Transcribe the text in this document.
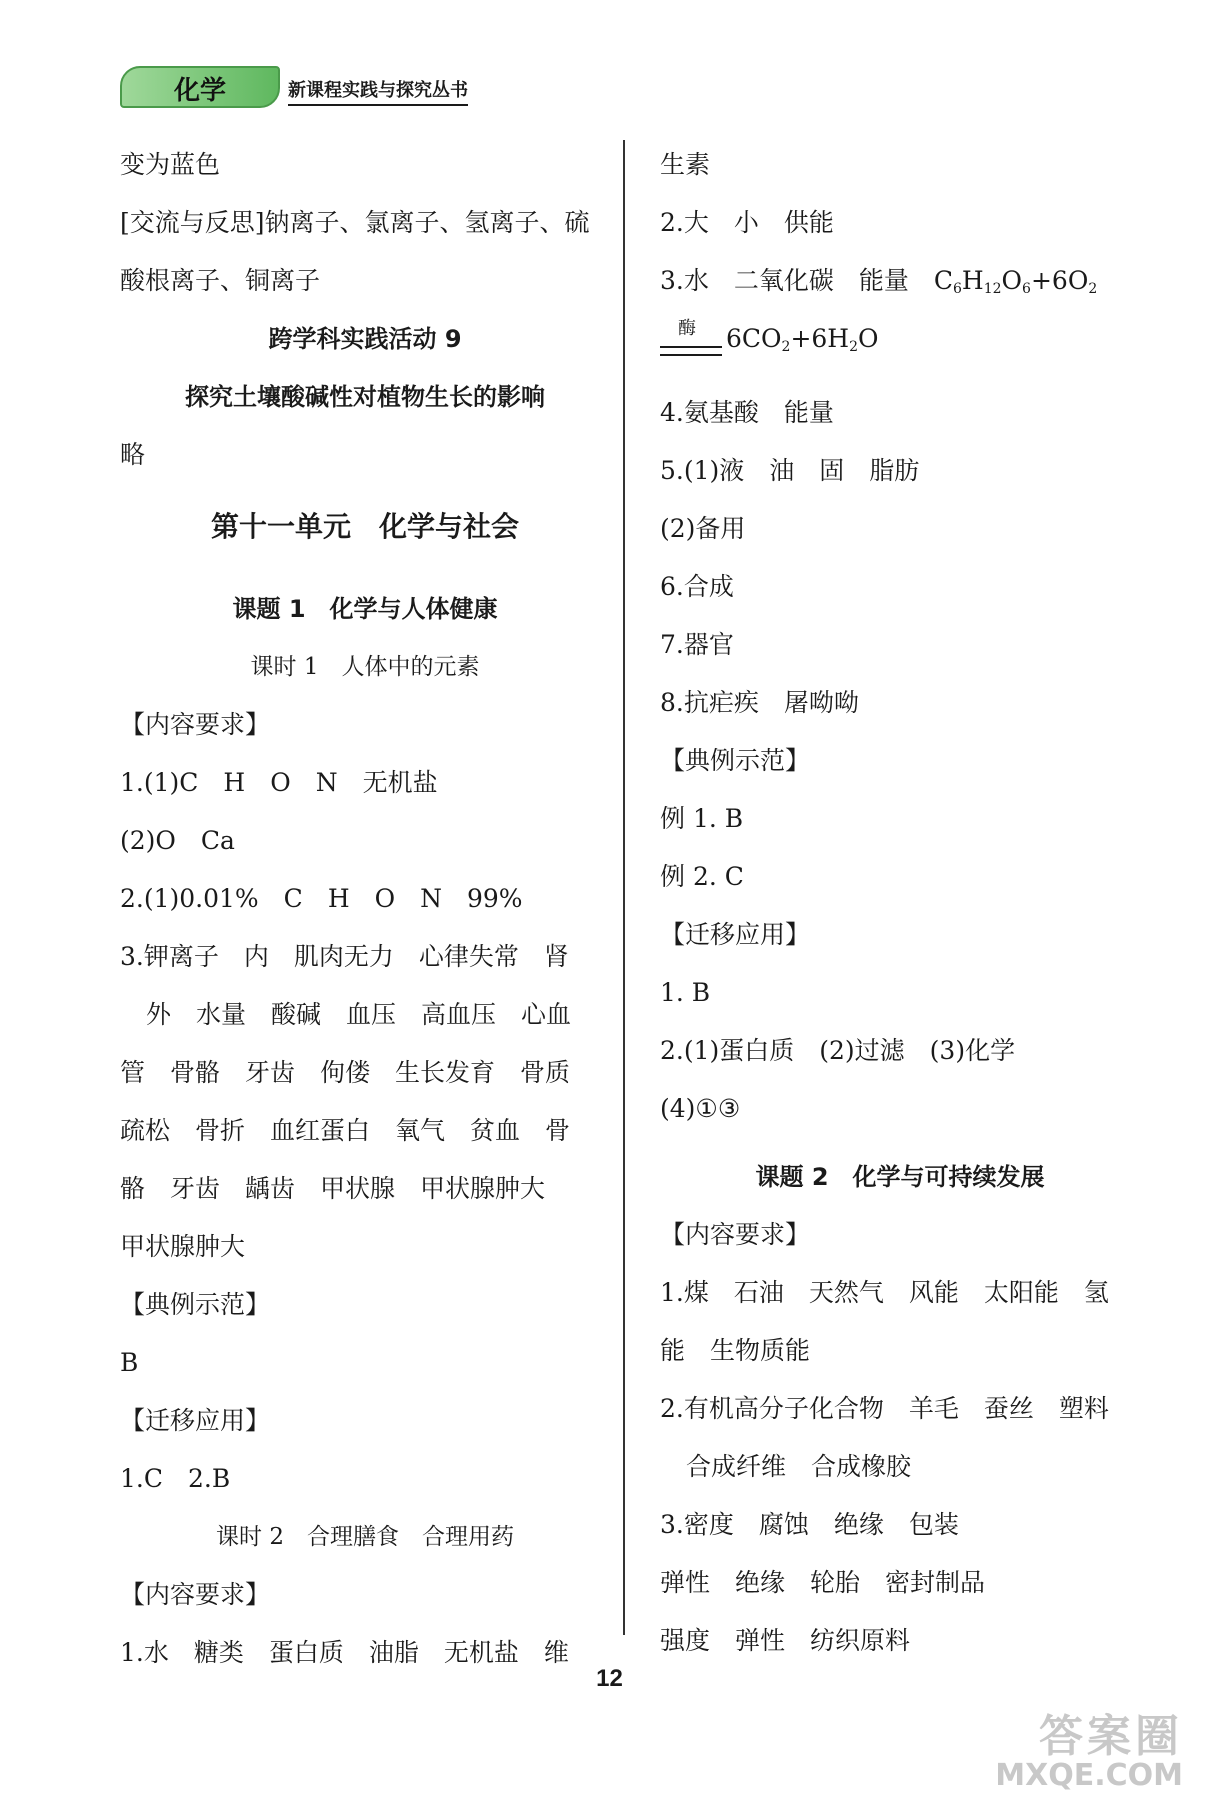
化学	新课程实践与探究丛书
变为蓝色
[交流与反思]钠离子、氯离子、氢离子、硫
酸根离子、铜离子
跨学科实践活动 9
探究土壤酸碱性对植物生长的影响
略
第十一单元　化学与社会
课题 1　化学与人体健康
课时 1　人体中的元素
【内容要求】
1.(1)C　H　O　N　无机盐
(2)O　Ca
2.(1)0.01%　C　H　O　N　99%
3.钾离子　内　肌肉无力　心律失常　肾
外　水量　酸碱　血压　高血压　心血
管　骨骼　牙齿　佝偻　生长发育　骨质
疏松　骨折　血红蛋白　氧气　贫血　骨
骼　牙齿　龋齿　甲状腺　甲状腺肿大
甲状腺肿大
【典例示范】
B
【迁移应用】
1.C　2.B
课时 2　合理膳食　合理用药
【内容要求】
1.水　糖类　蛋白质　油脂　无机盐　维
生素
2.大　小　供能
3.水　二氧化碳　能量　$C_6H_{12}O_6+6O_2$
酶 $6CO_2+6H_2O$
4.氨基酸　能量
5.(1)液　油　固　脂肪
(2)备用
6.合成
7.器官
8.抗疟疾　屠呦呦
【典例示范】
例 1. B
例 2. C
【迁移应用】
1. B
2.(1)蛋白质　(2)过滤　(3)化学
(4)①③
课题 2　化学与可持续发展
【内容要求】
1.煤　石油　天然气　风能　太阳能　氢
能　生物质能
2.有机高分子化合物　羊毛　蚕丝　塑料
合成纤维　合成橡胶
3.密度　腐蚀　绝缘　包装
弹性　绝缘　轮胎　密封制品
强度　弹性　纺织原料
12
答案圈
MXQE.COM
